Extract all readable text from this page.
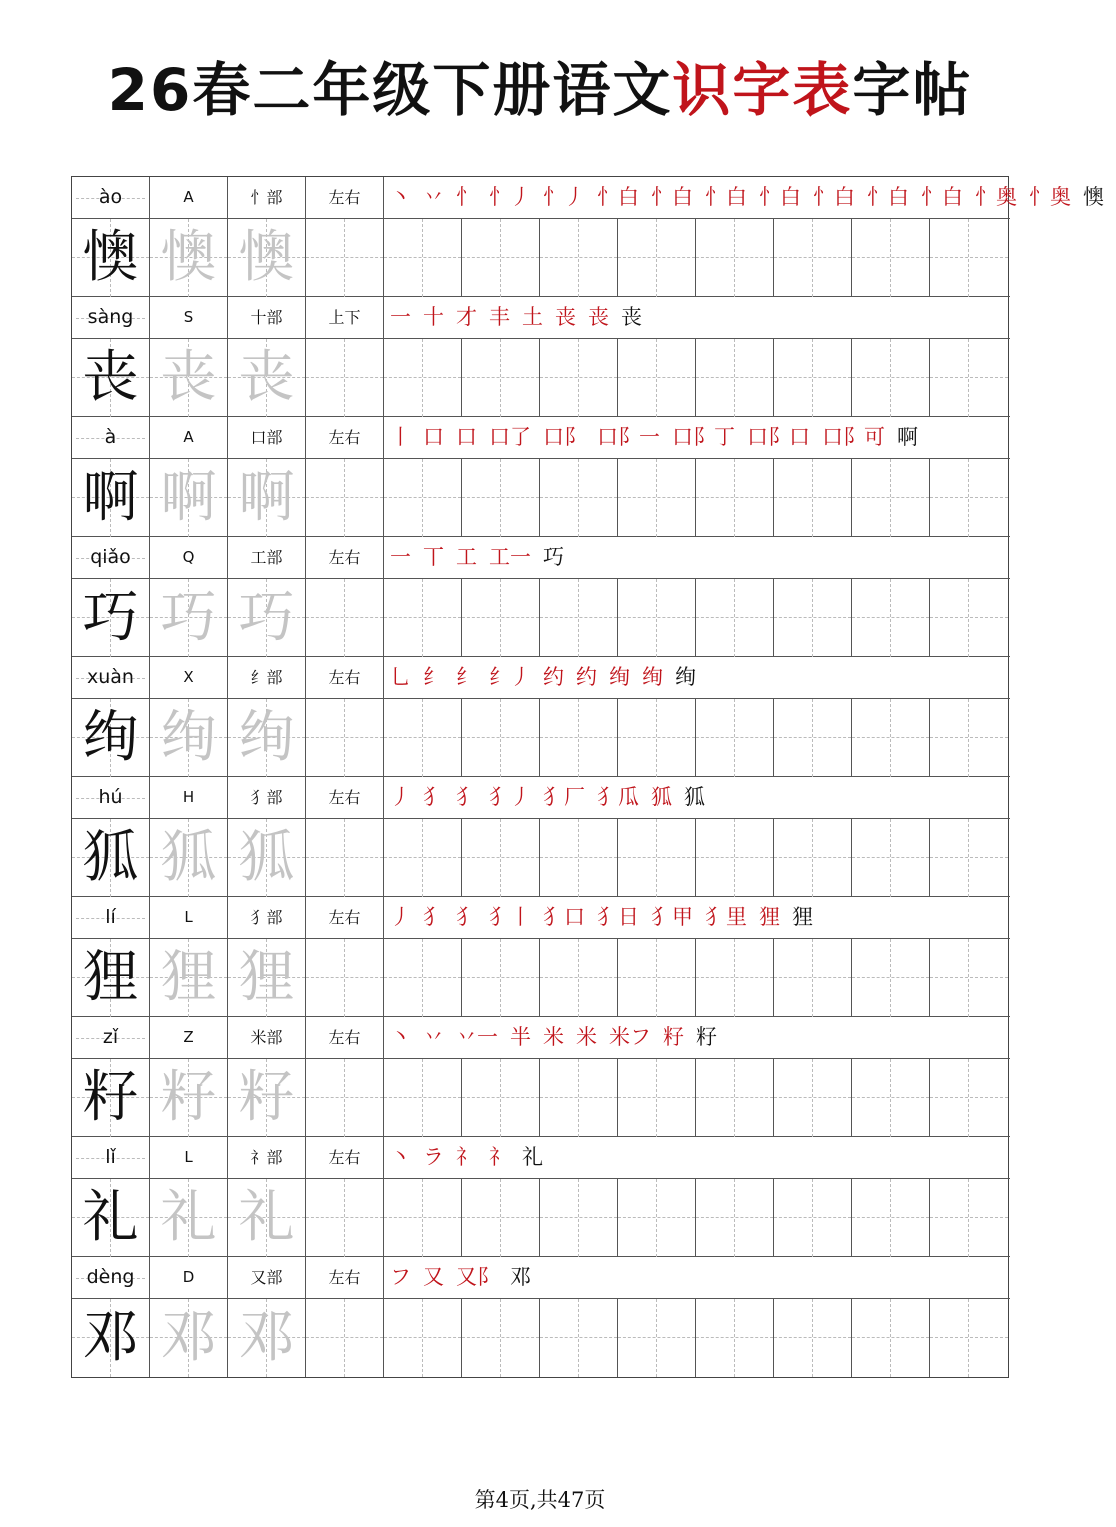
26春二年级下册语文识字表字帖
ào	A	忄部	左右	丶 丷 忄 忄丿 忄丿 忄白 忄白 忄白 忄白 忄白 忄白 忄白 忄奥 忄奥 懊
懊 懊 懊
sàng	S	十部	上下	一 十 才 丰 土 丧 丧 丧
丧 丧 丧
à	A	口部	左右	丨 口 口 口了 口阝 口阝一 口阝丁 口阝口 口阝可 啊
啊 啊 啊
qiǎo	Q	工部	左右	一 丅 工 工一 巧
巧 巧 巧
xuàn	X	纟部	左右	乚 纟 纟 纟丿 约 约 绚 绚 绚
绚 绚 绚
hú	H	犭部	左右	丿 犭 犭 犭丿 犭厂 犭瓜 狐 狐
狐 狐 狐
lí	L	犭部	左右	丿 犭 犭 犭丨 犭口 犭日 犭甲 犭里 狸 狸
狸 狸 狸
zǐ	Z	米部	左右	丶 丷 丷一 半 米 米 米フ 籽 籽
籽 籽 籽
lǐ	L	礻部	左右	丶 ラ 礻 礻 礼
礼 礼 礼
dèng	D	又部	左右	フ 又 又阝 邓
邓 邓 邓
第4页,共47页
